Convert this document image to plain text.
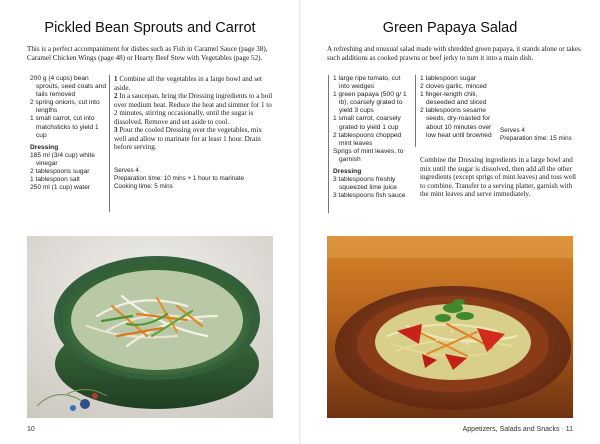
Pickled Bean Sprouts and Carrot
This is a perfect accompaniment for dishes such as Fish in Caramel Sauce (page 38), Caramel Chicken Wings (page 48) or Hearty Beef Stew with Vegetables (page 52).
200 g (4 cups) bean sprouts, seed coats and tails removed
2 spring onions, cut into lengths
1 small carrot, cut into matchsticks to yield 1 cup
Dressing
185 ml (3/4 cup) white vinegar
2 tablespoons sugar
1 tablespoon salt
250 ml (1 cup) water
1 Combine all the vegetables in a large bowl and set aside.
2 In a saucepan, bring the Dressing ingredients to a boil over medium heat. Reduce the heat and simmer for 1 to 2 minutes, stirring occasionally, until the sugar is dissolved. Remove and set aside to cool.
3 Pour the cooled Dressing over the vegetables, mix well and allow to marinate for at least 1 hour. Drain before serving.
Serves 4
Preparation time: 10 mins + 1 hour to marinate
Cooking time: 5 mins
10
Green Papaya Salad
A refreshing and unusual salad made with shredded green papaya, it stands alone or takes such additions as cooked prawns or beef jerky to turn it into a main dish.
1 large ripe tomato, cut into wedges
1 green papaya (500 g/ 1 lb), coarsely grated to yield 3 cups
1 small carrot, coarsely grated to yield 1 cup
2 tablespoons chopped mint leaves
Sprigs of mint leaves, to garnish
Dressing
3 tablespoons freshly squeezed lime juice
3 tablespoons fish sauce
1 tablespoon sugar
2 cloves garlic, minced
1 finger-length chili, deseeded and sliced
2 tablespoons sesame seeds, dry-roasted for about 10 minutes over low heat until browned
Serves 4
Preparation time: 15 mins
Combine the Dressing ingredients in a large bowl and mix until the sugar is dissolved, then add all the other ingredients (except sprigs of mint leaves) and toss well to combine. Transfer to a serving platter, garnish with the mint leaves and serve immediately.
Appetizers, Salads and Snacks · 11
